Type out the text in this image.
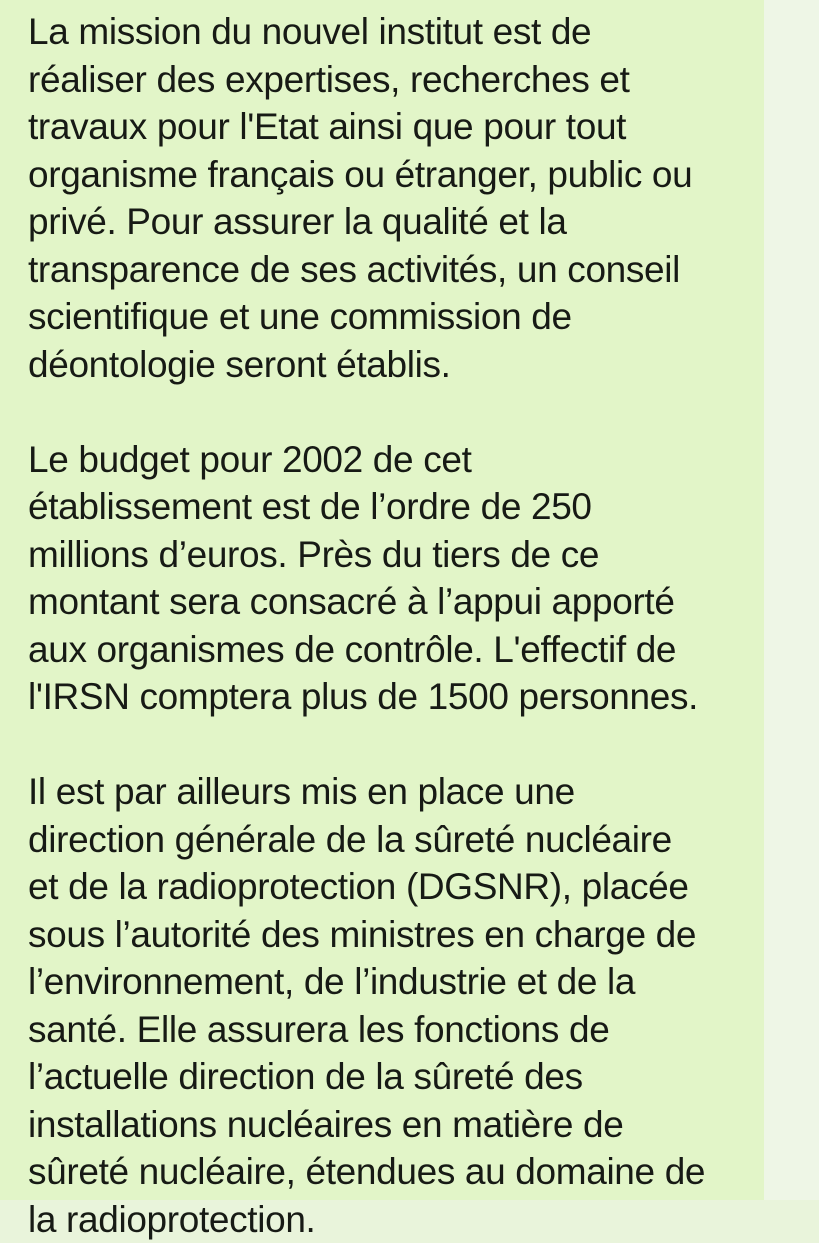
La mission du nouvel institut est de
réaliser des expertises, recherches et
travaux pour l'Etat ainsi que pour tout
organisme français ou étranger, public ou
privé. Pour assurer la qualité et la
transparence de ses activités, un conseil
scientifique et une commission de
déontologie seront établis.

Le budget pour 2002 de cet
établissement est de l’ordre de 250
millions d’euros. Près du tiers de ce
montant sera consacré à l’appui apporté
aux organismes de contrôle. L'effectif de
l'IRSN comptera plus de 1500 personnes.

Il est par ailleurs mis en place une
direction générale de la sûreté nucléaire
et de la radioprotection (DGSNR), placée
sous l’autorité des ministres en charge de
l’environnement, de l’industrie et de la
santé. Elle assurera les fonctions de
l’actuelle direction de la sûreté des
installations nucléaires en matière de
sûreté nucléaire, étendues au domaine de
la radioprotection.
